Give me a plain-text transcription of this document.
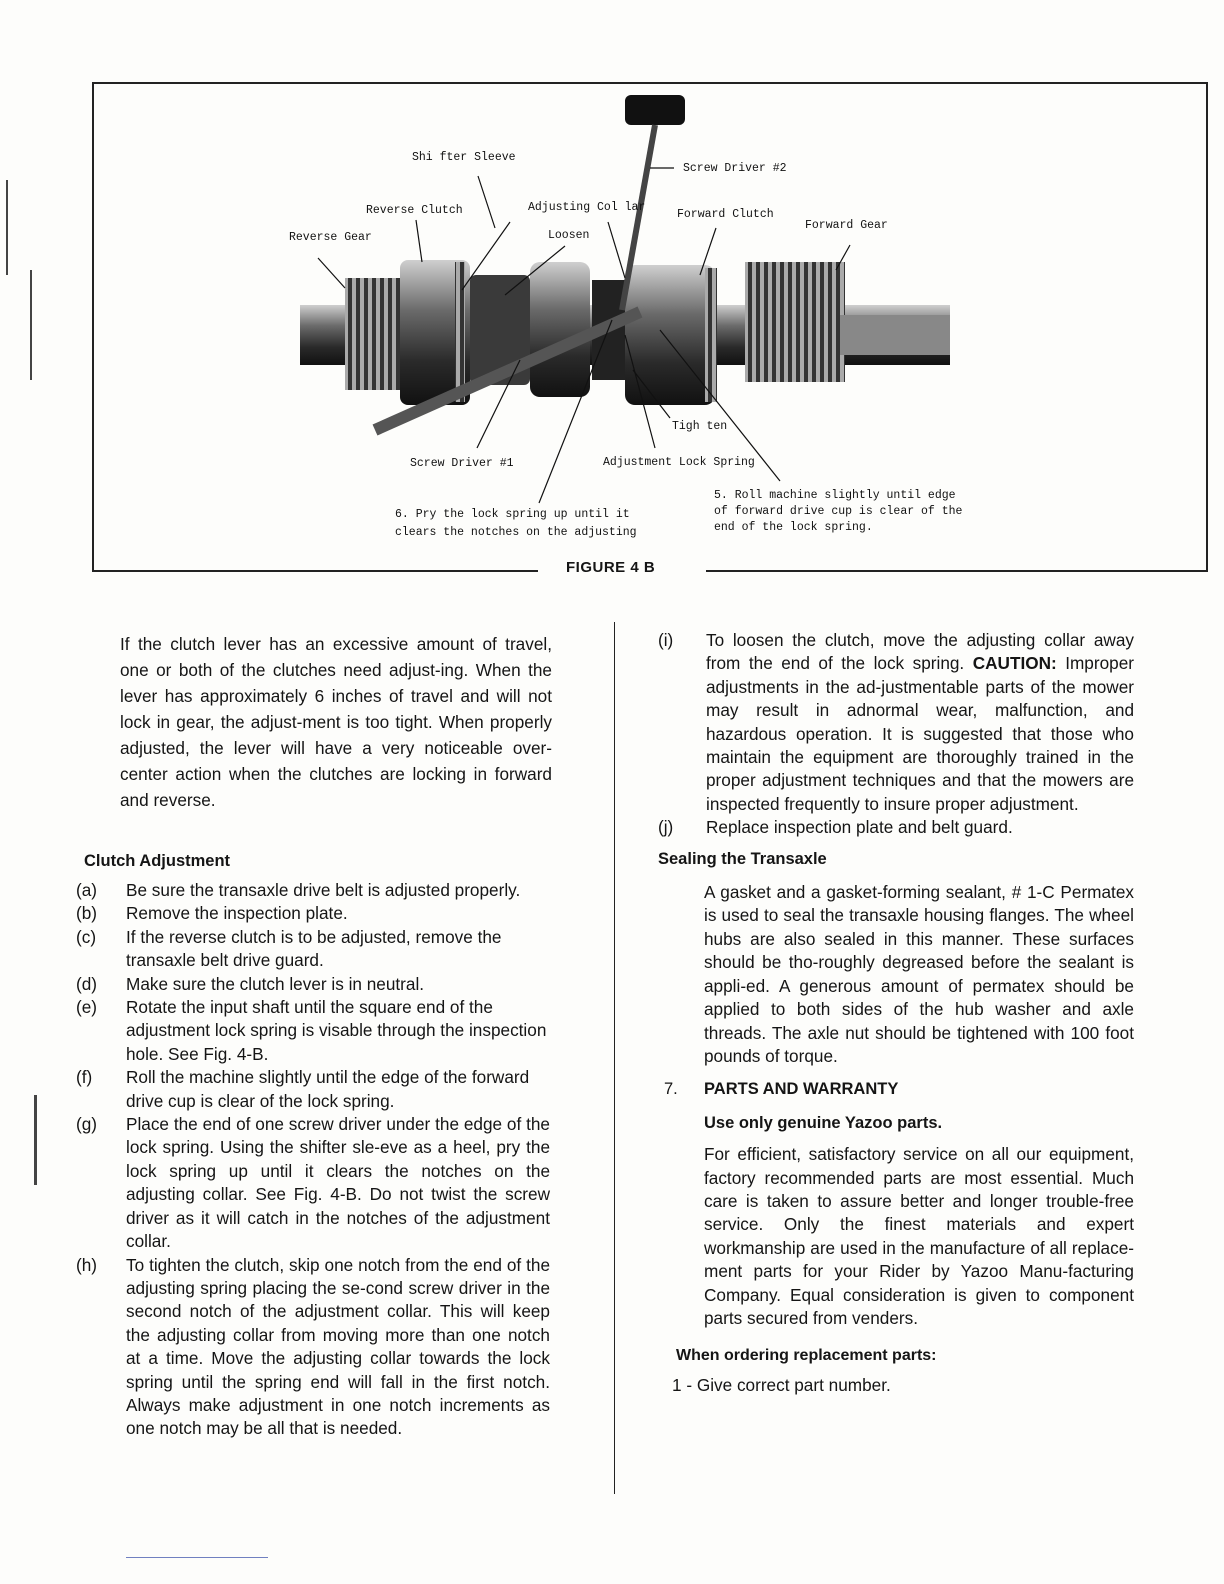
FIGURE 4 B
Shi fter Sleeve
Screw Driver #2
Reverse Clutch	Adjusting Col lar
Forward Clutch
Forward Gear
Reverse Gear	Loosen
Tigh ten
Screw Driver #1	Adjustment Lock Spring
6. Pry the lock spring up until it
clears the notches on the adjusting
5. Roll machine slightly until edge
of forward drive cup is clear of the
end of the lock spring.

If the clutch lever has an excessive amount of travel, one or both of the clutches need adjust-ing. When the lever has approximately 6 inches of travel and will not lock in gear, the adjust-ment is too tight. When properly adjusted, the lever will have a very noticeable over-center action when the clutches are locking in forward and reverse.

Clutch Adjustment
(a) Be sure the transaxle drive belt is adjusted properly.

(b) Remove the inspection plate.

(c) If the reverse clutch is to be adjusted, remove the transaxle belt drive guard.

(d) Make sure the clutch lever is in neutral.

(e) Rotate the input shaft until the square end of the adjustment lock spring is visable through the inspection hole. See Fig. 4-B.

(f) Roll the machine slightly until the edge of the forward drive cup is clear of the lock spring.

(g) Place the end of one screw driver under the edge of the lock spring. Using the shifter sle-eve as a heel, pry the lock spring up until it clears the notches on the adjusting collar. See Fig. 4-B. Do not twist the screw driver as it will catch in the notches of the adjustment collar.

(h) To tighten the clutch, skip one notch from the end of the adjusting spring placing the se-cond screw driver in the second notch of the adjustment collar. This will keep the adjusting collar from moving more than one notch at a time. Move the adjusting collar towards the lock spring until the spring end will fall in the first notch. Always make adjustment in one notch increments as one notch may be all that is needed.

(i) To loosen the clutch, move the adjusting collar away from the end of the lock spring. CAUTION: Improper adjustments in the ad-justmentable parts of the mower may result in adnormal wear, malfunction, and hazardous operation. It is suggested that those who maintain the equipment are thoroughly trained in the proper adjustment techniques and that the mowers are inspected frequently to insure proper adjustment.

(j) Replace inspection plate and belt guard.

Sealing the Transaxle

A gasket and a gasket-forming sealant, # 1-C Permatex is used to seal the transaxle housing flanges. The wheel hubs are also sealed in this manner. These surfaces should be tho-roughly degreased before the sealant is appli-ed. A generous amount of permatex should be applied to both sides of the hub washer and axle threads. The axle nut should be tightened with 100 foot pounds of torque.

7. PARTS AND WARRANTY

Use only genuine Yazoo parts.

For efficient, satisfactory service on all our equipment, factory recommended parts are most essential. Much care is taken to assure better and longer trouble-free service. Only the finest materials and expert workmanship are used in the manufacture of all replace-ment parts for your Rider by Yazoo Manu-facturing Company. Equal consideration is given to component parts secured from venders.

When ordering replacement parts:

1 - Give correct part number.
